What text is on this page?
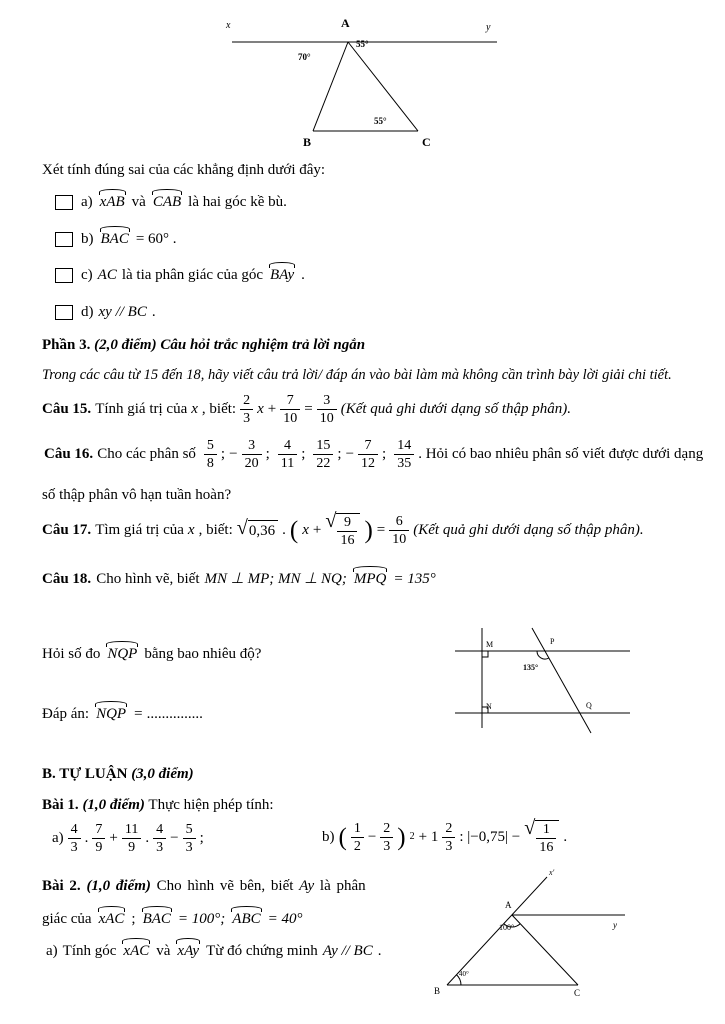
x	y
A
70°
55°
55°
B	C
Xét tính đúng sai của các khẳng định dưới đây:
a) xAB và CAB là hai góc kề bù.
b) BAC = 60° .
c) AC là tia phân giác của góc BAy .
d) xy // BC .
Phần 3. (2,0 điểm) Câu hỏi trắc nghiệm trả lời ngắn
Trong các câu từ 15 đến 18, hãy viết câu trả lời/ đáp án vào bài làm mà không cần trình bày lời giải chi tiết.
Câu 15. Tính giá trị của x , biết: $\frac{2}{3}$ $x + \frac{7}{10} = \frac{3}{10}$ (Kết quả ghi dưới dạng số thập phân).
Câu 16. Cho các phân số $\frac{5}{8}$ ; − $\frac{3}{20}$ ; $\frac{4}{11}$ ; $\frac{15}{22}$ ; − $\frac{7}{12}$ ; $\frac{14}{35}$ . Hỏi có bao nhiêu phân số viết được dưới dạng
số thập phân vô hạn tuần hoàn?
Câu 17. Tìm giá trị của x , biết: √ 0,36 . ( x + √ $\frac{9}{16}$ ) = $\frac{6}{10}$ (Kết quả ghi dưới dạng số thập phân).
Câu 18. Cho hình vẽ, biết MN ⊥ MP; MN ⊥ NQ; MPQ = 135°
M
N
P
Q
135°
Hỏi số đo NQP bằng bao nhiêu độ?
Đáp án: NQP = ...............
B. TỰ LUẬN (3,0 điểm)
Bài 1. (1,0 điểm) Thực hiện phép tính:
$a) \frac{4}{3}$ . $\frac{7}{9} + \frac{11}{9}$ . $\frac{4}{3} - \frac{5}{3}$ ;	b) ( $\frac{1}{2} - \frac{2}{3}$ ) $2 + 1 \frac{2}{3}$ : |−0,75| − √ $\frac{1}{16}$ .
Bài 2. (1,0 điểm) Cho hình vẽ bên, biết Ay là phân
giác của xAC ; BAC = 100°; ABC = 40°
a) Tính góc xAC và xAy Từ đó chứng minh Ay // BC .
A
x'
y
B	C
100°
40°
